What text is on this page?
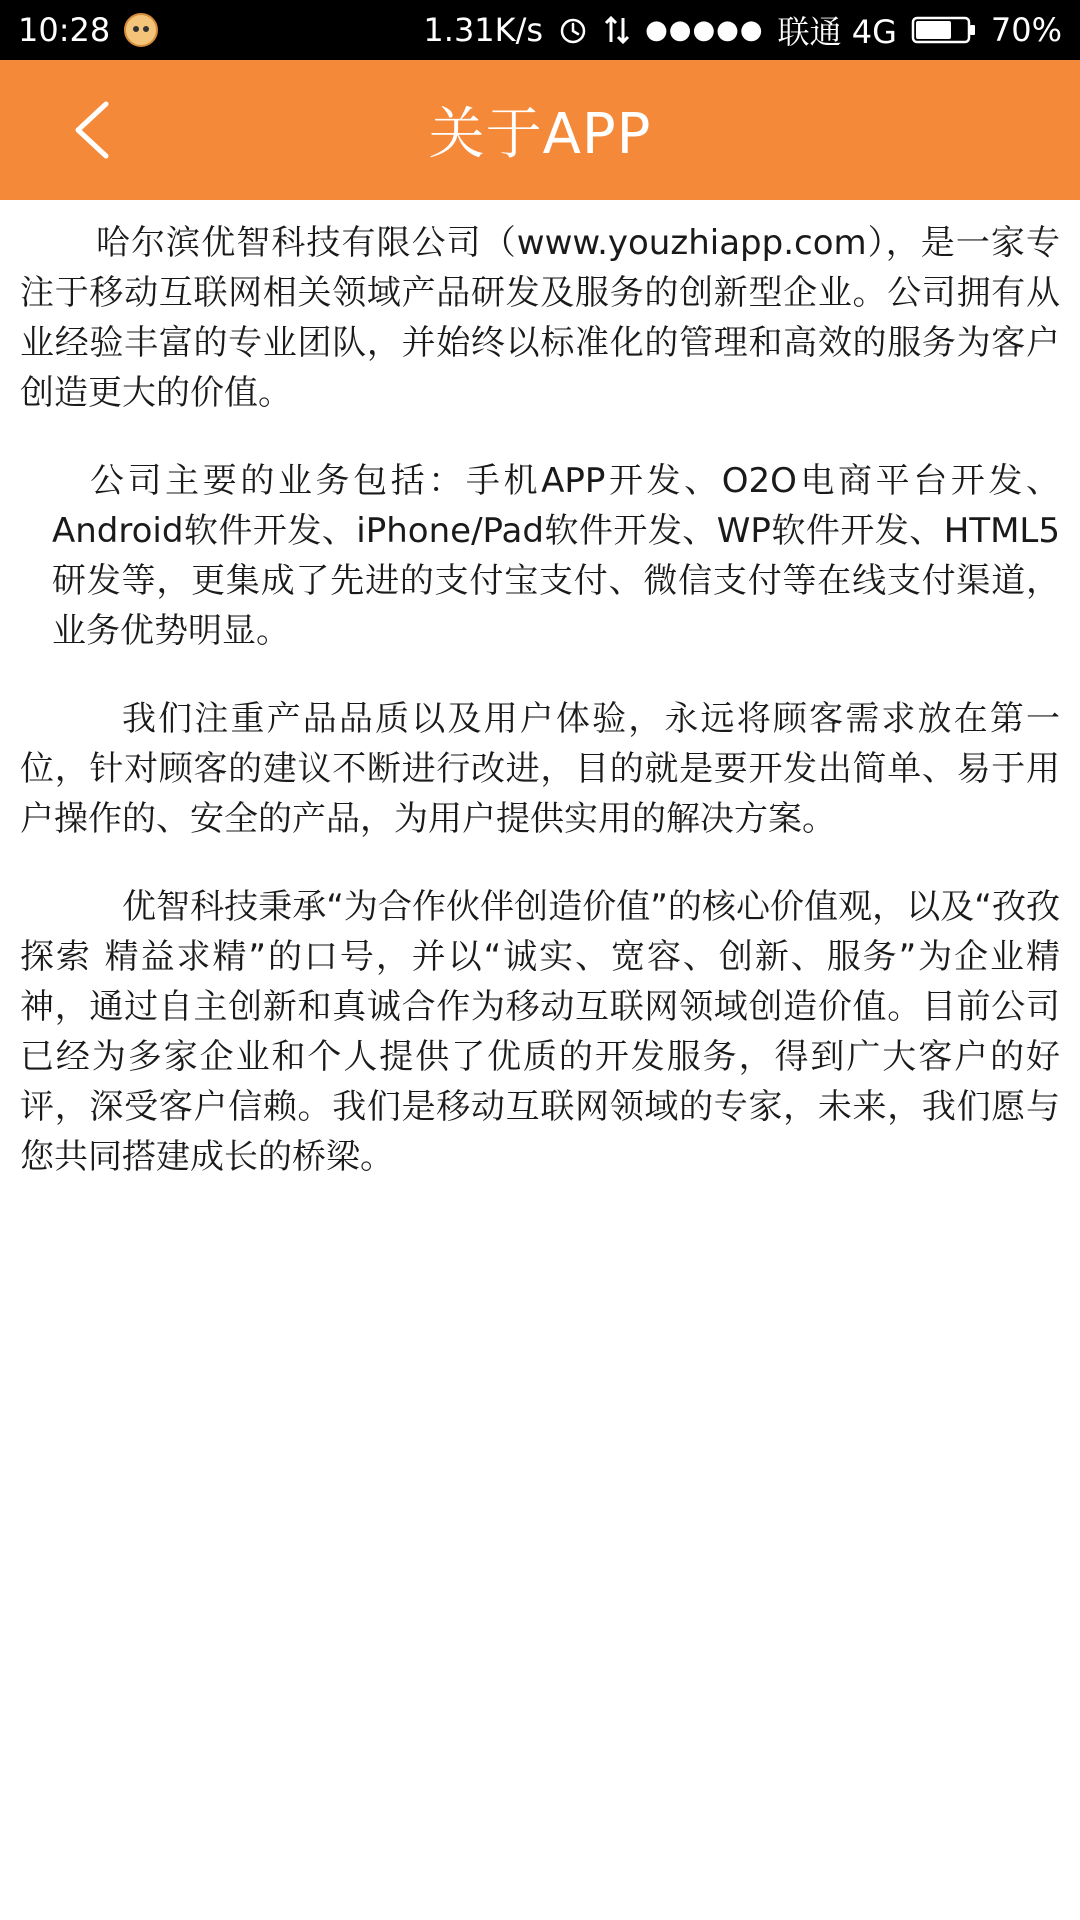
10:28	1.31K/s	●●●●● 联通 4G	70%
关于APP

哈尔滨优智科技有限公司（www.youzhiapp.com），是一家专注于移动互联网相关领域产品研发及服务的创新型企业。公司拥有从业经验丰富的专业团队，并始终以标准化的管理和高效的服务为客户创造更大的价值。

公司主要的业务包括：手机APP开发、O2O电商平台开发、Android软件开发、iPhone/Pad软件开发、WP软件开发、HTML5研发等，更集成了先进的支付宝支付、微信支付等在线支付渠道，业务优势明显。

我们注重产品品质以及用户体验，永远将顾客需求放在第一位，针对顾客的建议不断进行改进，目的就是要开发出简单、易于用户操作的、安全的产品，为用户提供实用的解决方案。

优智科技秉承“为合作伙伴创造价值”的核心价值观，以及“孜孜探索 精益求精”的口号，并以“诚实、宽容、创新、服务”为企业精神，通过自主创新和真诚合作为移动互联网领域创造价值。目前公司已经为多家企业和个人提供了优质的开发服务，得到广大客户的好评，深受客户信赖。我们是移动互联网领域的专家，未来，我们愿与您共同搭建成长的桥梁。
